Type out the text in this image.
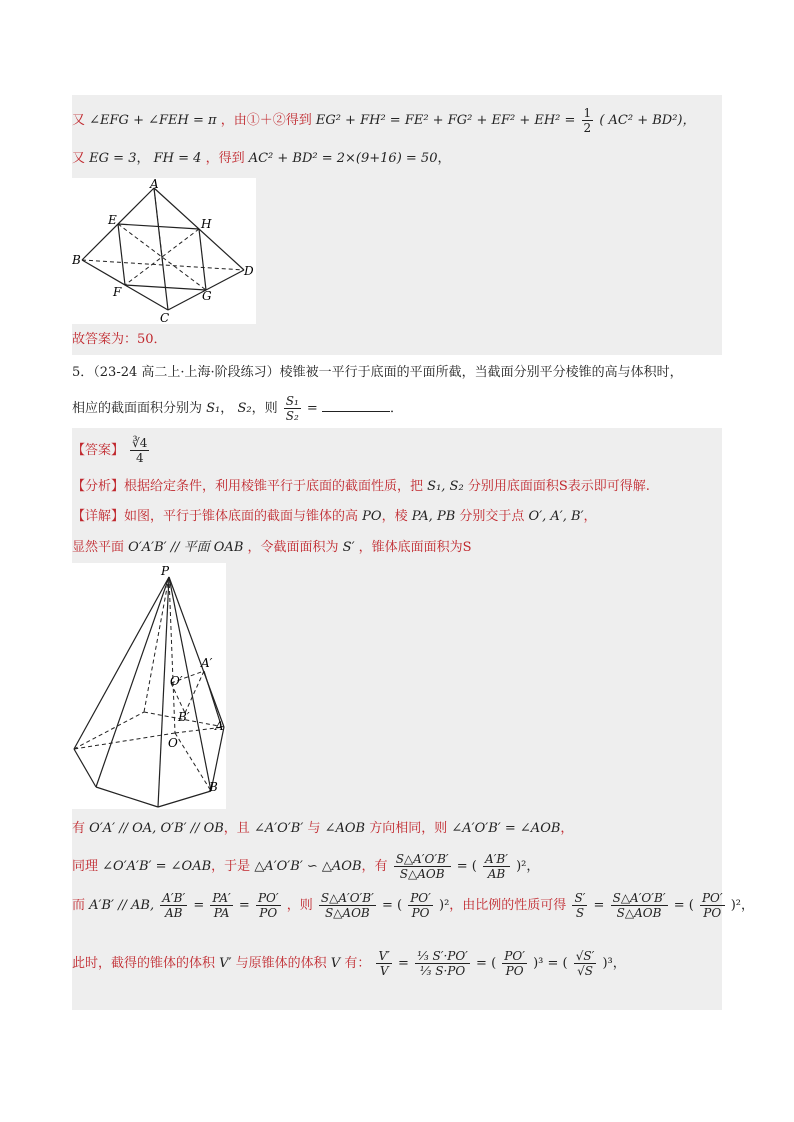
又 ∠EFG + ∠FEH = π ，由①＋②得到 $EG^2 + FH^2 = FE^2 + FG^2 + EF^2 + EH^2 = \frac{1}{2}$ ( AC² + BD²)，
又 EG = 3， FH = 4 ，得到 AC² + BD² = 2×(9+16) = 50，
A
E	H
B
D
F	G
C
故答案为：50．
5．（23-24 高二上·上海·阶段练习）棱锥被一平行于底面的平面所截，当截面分别平分棱锥的高与体积时，
相应的截面面积分别为 S₁， S₂，则 $\frac{\text{S₁}}{\text{S₂}}$ =	．
【答案】 $\frac{∛4}{4}$
【分析】根据给定条件，利用棱锥平行于底面的截面性质，把 S₁, S₂ 分别用底面面积S表示即可得解.
【详解】如图，平行于锥体底面的截面与锥体的高 PO，棱 PA, PB 分别交于点 O′, A′, B′，
显然平面 O′A′B′ // 平面 OAB ，令截面面积为 S′ ，锥体底面面积为S
P
A′
O′
B′
A
O
B
有 O′A′ // OA, O′B′ // OB，且 ∠A′O′B′ 与 ∠AOB 方向相同，则 ∠A′O′B′ = ∠AOB，
同理 ∠O′A′B′ = ∠OAB，于是 △A′O′B′ ∽ △AOB，有 $\frac{S\triangle A'O'B'}{\text{S△AOB}}$ = ( $\frac{A'B'}{AB} )^2$，
而 A′B′ // AB, $\frac{A'B'}{AB} = \frac{PA'}{PA} = \frac{PO'}{PO}$ ，则 $\frac{S\triangle A'O'B'}{\text{S△AOB}}$ = ( $\frac{PO'}{PO} )^2$，由比例的性质可得 $\frac{S'}{S} = \frac{S\triangle A'O'B'}{\text{S△AOB}}$ = ( $\frac{PO'}{PO} )^2$，
此时，截得的锥体的体积 V′ 与原锥体的体积 V 有： $\frac{V'}{V} = \frac{\text{⅓ S′·PO′}}{\text{⅓ S·PO}}$ = ( $\frac{PO'}{PO} )^3$ = ( $\frac{√S'}{√S} )^3$，
